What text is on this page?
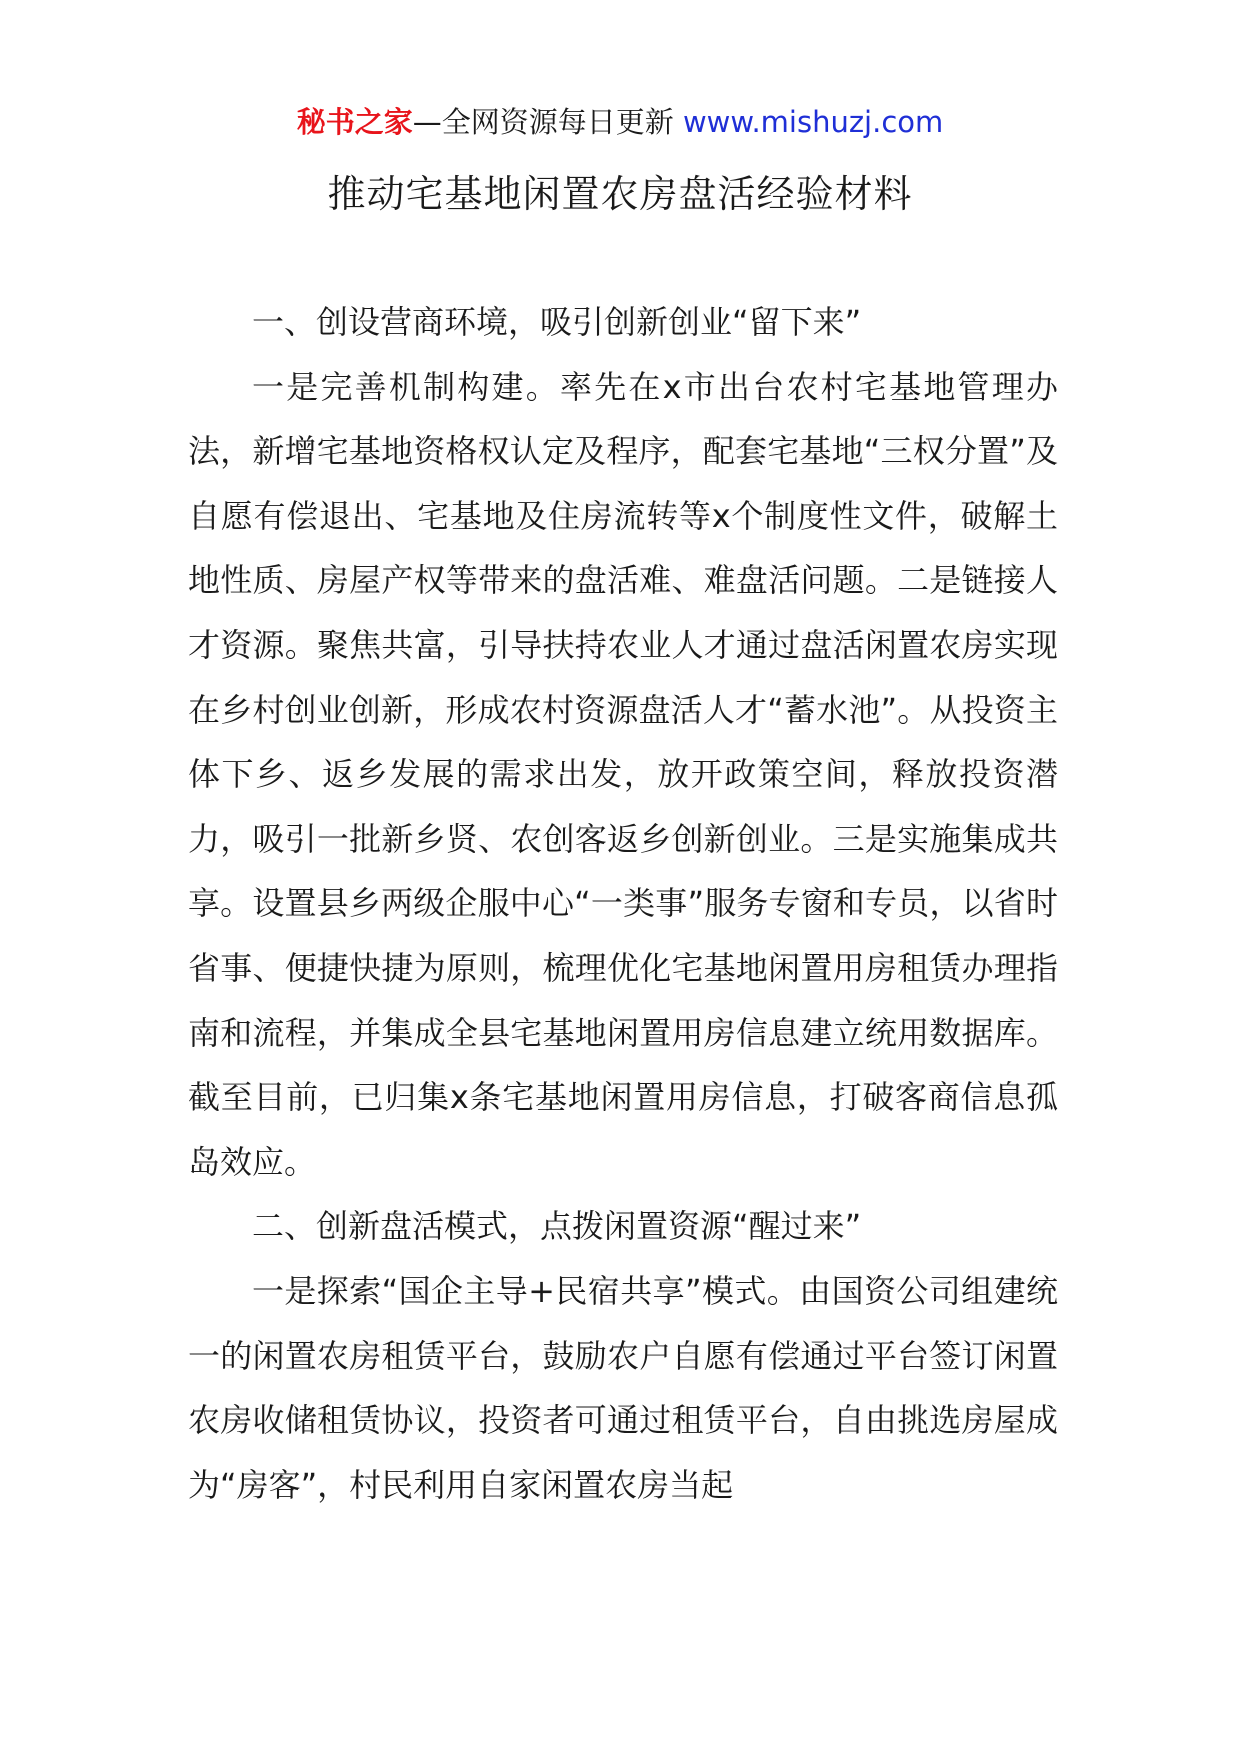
秘书之家—全网资源每日更新 www.mishuzj.com
推动宅基地闲置农房盘活经验材料

一、创设营商环境，吸引创新创业“留下来”

一是完善机制构建。率先在x市出台农村宅基地管理办法，新增宅基地资格权认定及程序，配套宅基地“三权分置”及自愿有偿退出、宅基地及住房流转等x个制度性文件，破解土地性质、房屋产权等带来的盘活难、难盘活问题。二是链接人才资源。聚焦共富，引导扶持农业人才通过盘活闲置农房实现在乡村创业创新，形成农村资源盘活人才“蓄水池”。从投资主体下乡、返乡发展的需求出发，放开政策空间，释放投资潜力，吸引一批新乡贤、农创客返乡创新创业。三是实施集成共享。设置县乡两级企服中心“一类事”服务专窗和专员，以省时省事、便捷快捷为原则，梳理优化宅基地闲置用房租赁办理指南和流程，并集成全县宅基地闲置用房信息建立统用数据库。截至目前，已归集x条宅基地闲置用房信息，打破客商信息孤岛效应。

二、创新盘活模式，点拨闲置资源“醒过来”

一是探索“国企主导+民宿共享”模式。由国资公司组建统一的闲置农房租赁平台，鼓励农户自愿有偿通过平台签订闲置农房收储租赁协议，投资者可通过租赁平台，自由挑选房屋成为“房客”，村民利用自家闲置农房当起
